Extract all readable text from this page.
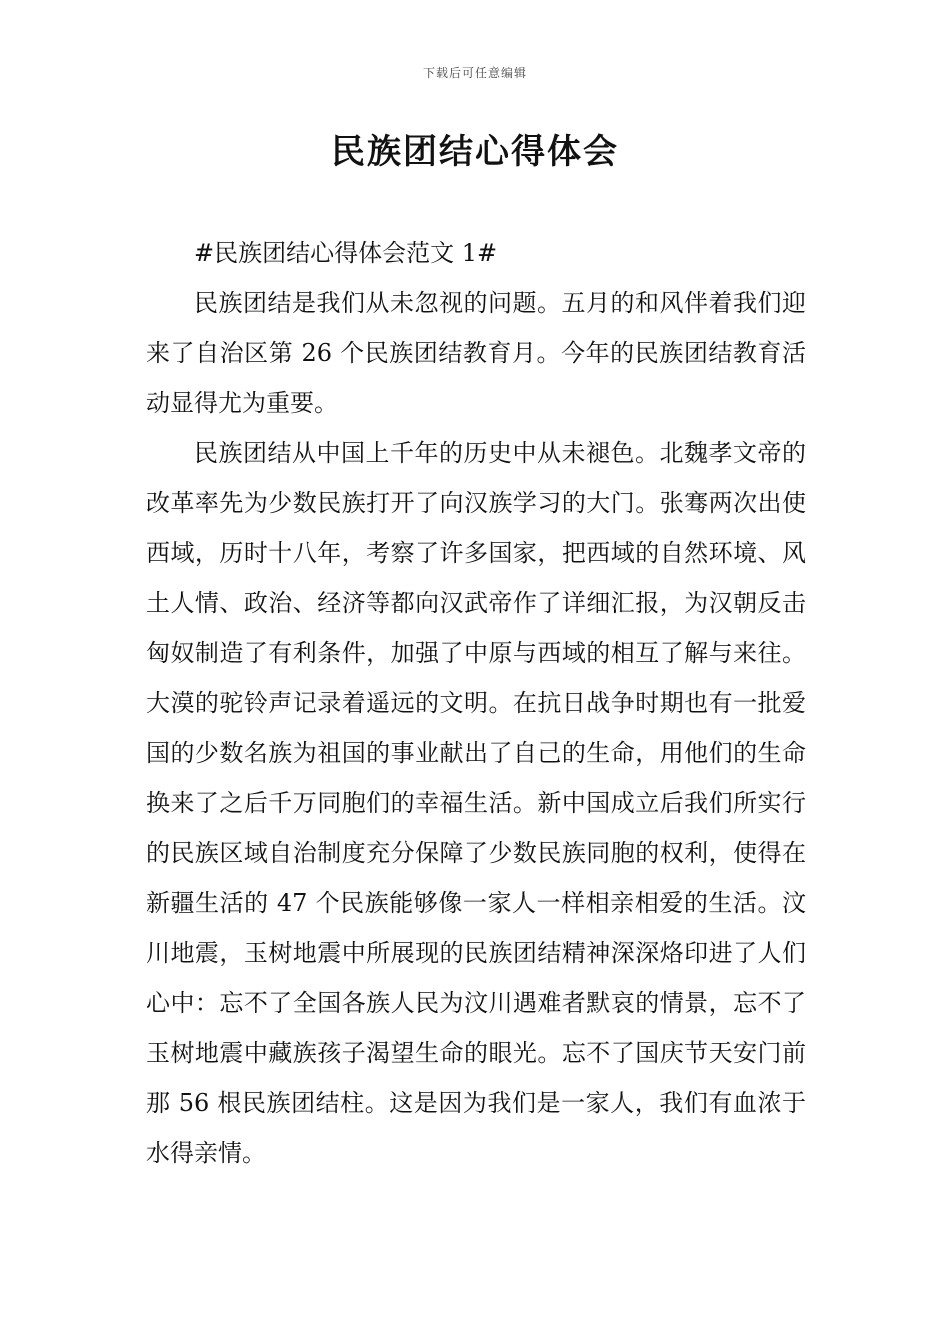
下载后可任意编辑
民族团结心得体会

#民族团结心得体会范文 1#

民族团结是我们从未忽视的问题。五月的和风伴着我们迎来了自治区第 26 个民族团结教育月。今年的民族团结教育活动显得尤为重要。

民族团结从中国上千年的历史中从未褪色。北魏孝文帝的改革率先为少数民族打开了向汉族学习的大门。张骞两次出使西域，历时十八年，考察了许多国家，把西域的自然环境、风土人情、政治、经济等都向汉武帝作了详细汇报，为汉朝反击匈奴制造了有利条件，加强了中原与西域的相互了解与来往。大漠的驼铃声记录着遥远的文明。在抗日战争时期也有一批爱国的少数名族为祖国的事业献出了自己的生命，用他们的生命换来了之后千万同胞们的幸福生活。新中国成立后我们所实行的民族区域自治制度充分保障了少数民族同胞的权利，使得在新疆生活的 47 个民族能够像一家人一样相亲相爱的生活。汶川地震，玉树地震中所展现的民族团结精神深深烙印进了人们心中：忘不了全国各族人民为汶川遇难者默哀的情景，忘不了玉树地震中藏族孩子渴望生命的眼光。忘不了国庆节天安门前那 56 根民族团结柱。这是因为我们是一家人，我们有血浓于水得亲情。
